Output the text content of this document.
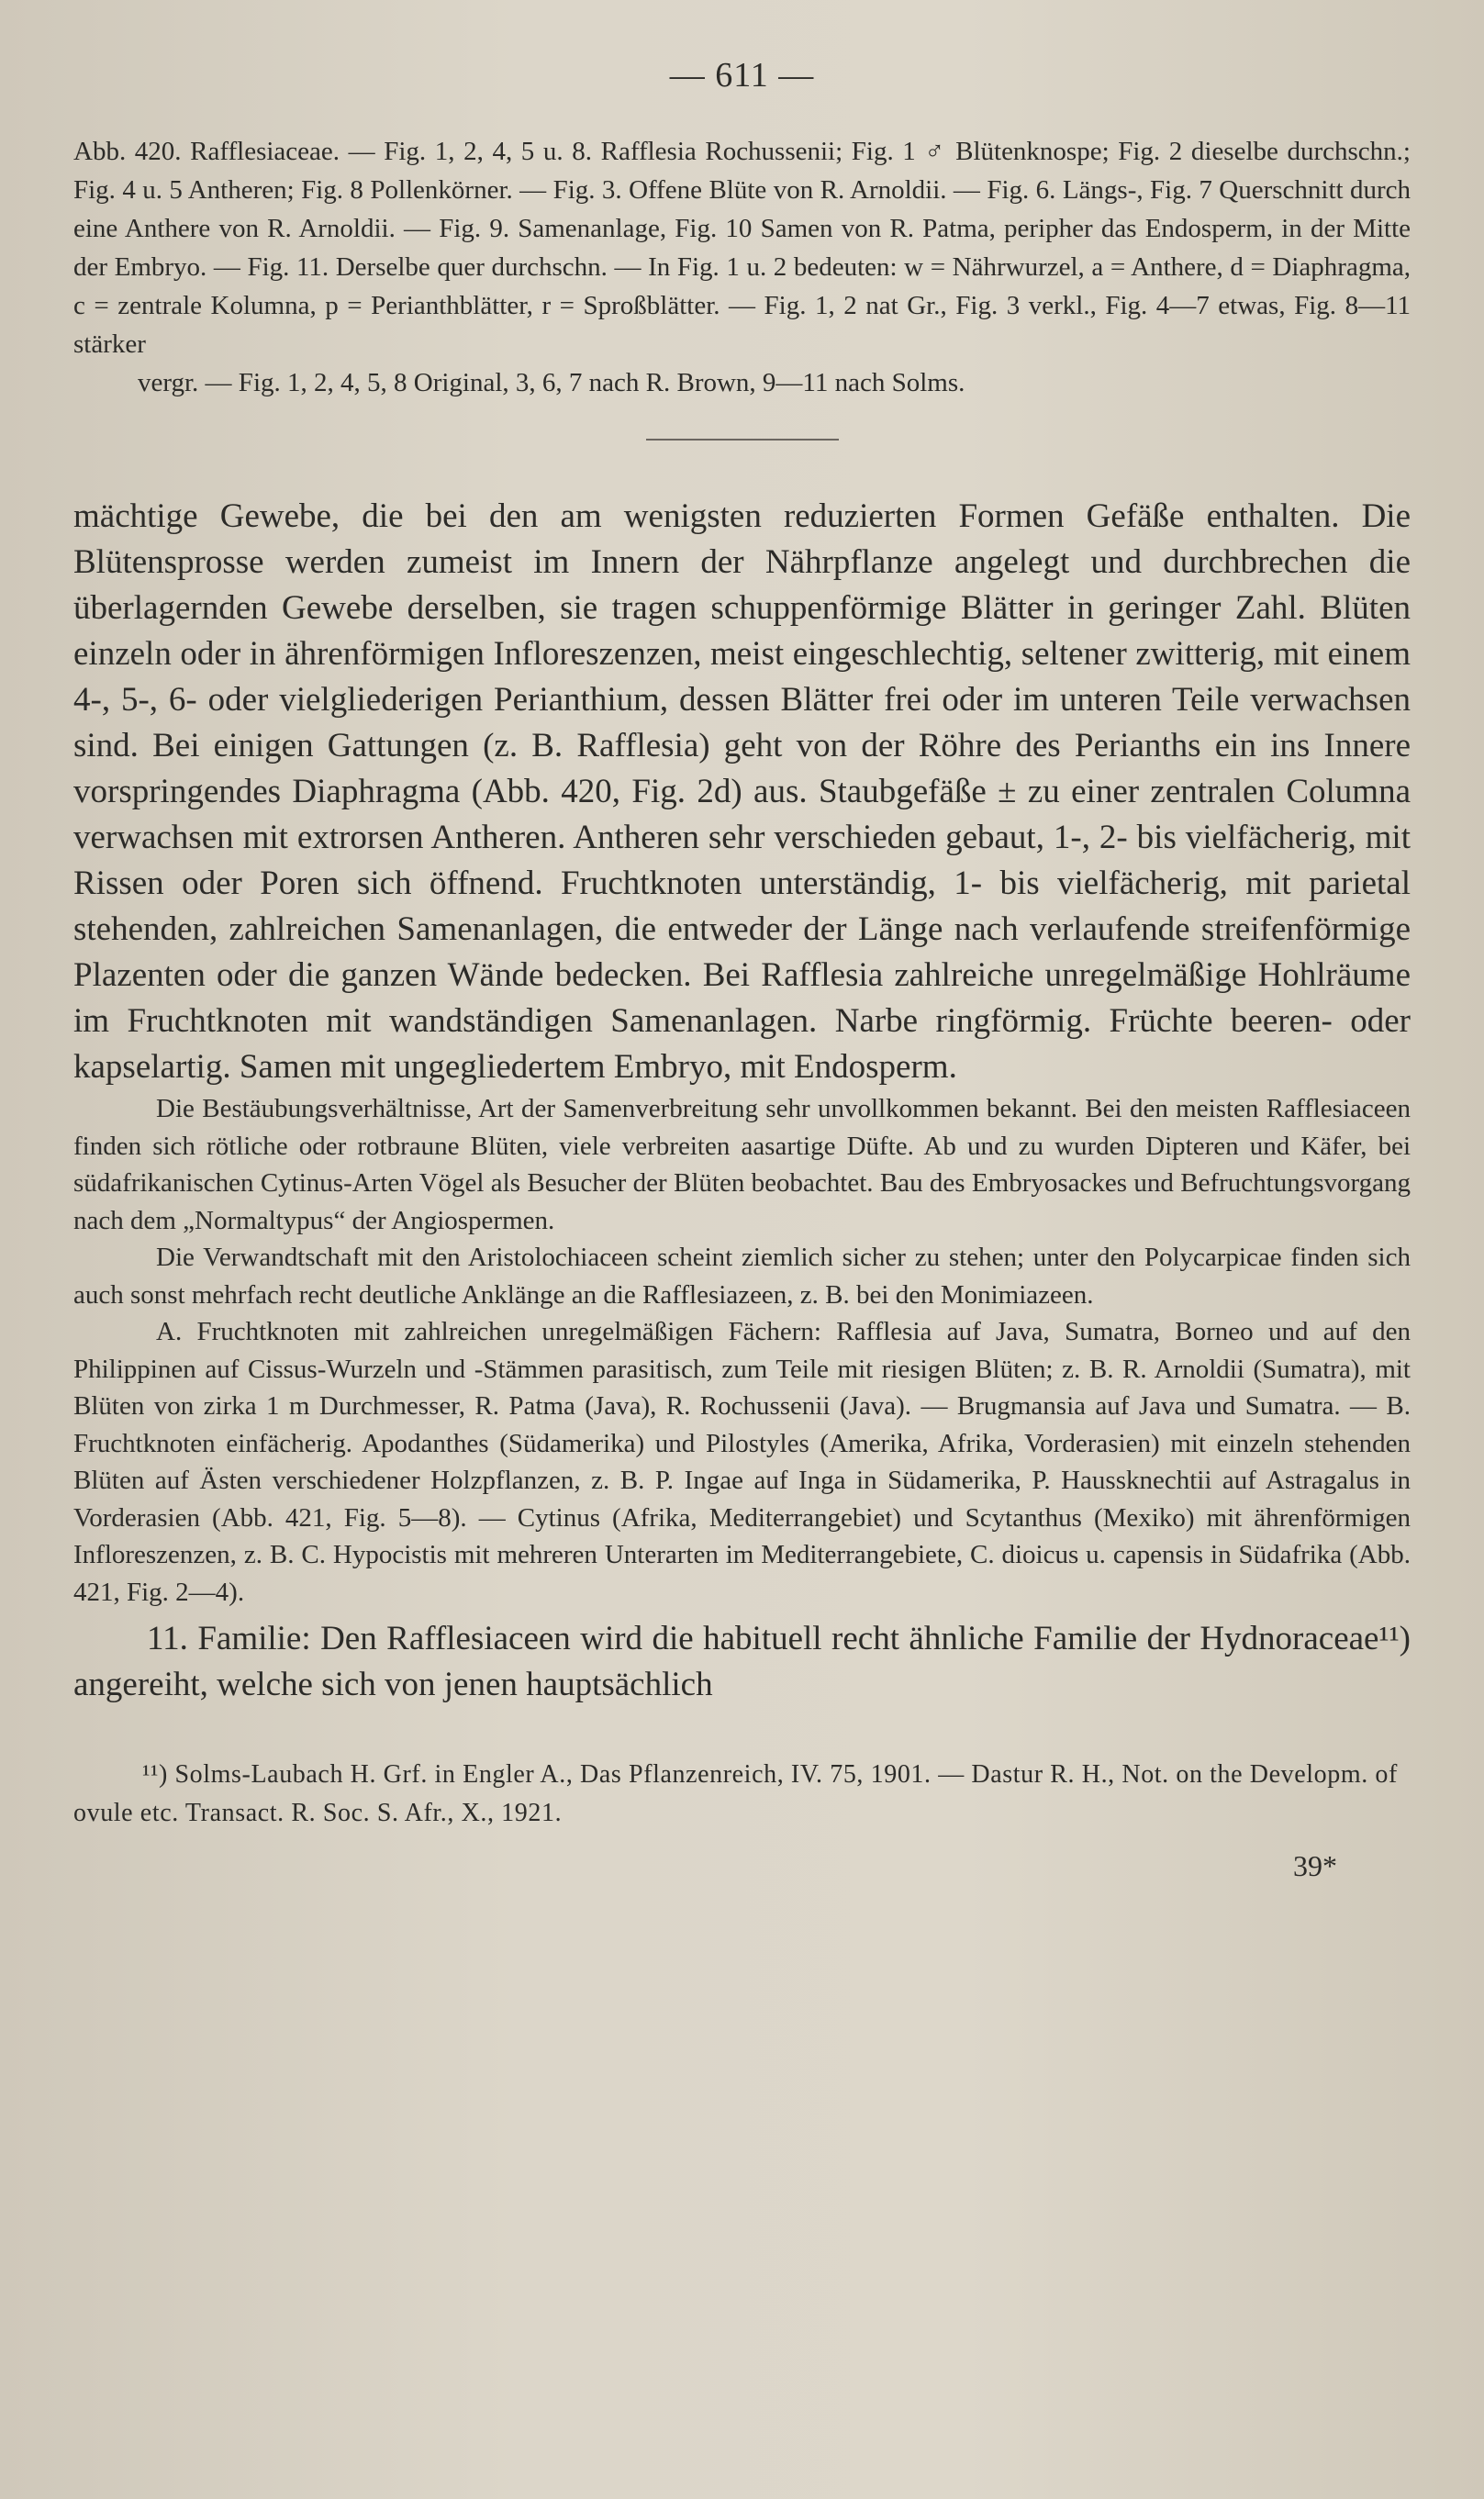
— 611 —

Abb. 420. Rafflesiaceae. — Fig. 1, 2, 4, 5 u. 8. Rafflesia Rochussenii; Fig. 1 ♂ Blütenknospe; Fig. 2 dieselbe durchschn.; Fig. 4 u. 5 Antheren; Fig. 8 Pollenkörner. — Fig. 3. Offene Blüte von R. Arnoldii. — Fig. 6. Längs-, Fig. 7 Querschnitt durch eine Anthere von R. Arnoldii. — Fig. 9. Samenanlage, Fig. 10 Samen von R. Patma, peripher das Endosperm, in der Mitte der Embryo. — Fig. 11. Derselbe quer durchschn. — In Fig. 1 u. 2 bedeuten: w = Nährwurzel, a = Anthere, d = Diaphragma, c = zentrale Kolumna, p = Perianthblätter, r = Sproßblätter. — Fig. 1, 2 nat Gr., Fig. 3 verkl., Fig. 4—7 etwas, Fig. 8—11 stärker

vergr. — Fig. 1, 2, 4, 5, 8 Original, 3, 6, 7 nach R. Brown, 9—11 nach Solms.

mächtige Gewebe, die bei den am wenigsten reduzierten Formen Gefäße enthalten. Die Blütensprosse werden zumeist im Innern der Nährpflanze angelegt und durchbrechen die überlagernden Gewebe derselben, sie tragen schuppenförmige Blätter in geringer Zahl. Blüten einzeln oder in ährenförmigen Infloreszenzen, meist eingeschlechtig, seltener zwitterig, mit einem 4-, 5-, 6- oder vielgliederigen Perianthium, dessen Blätter frei oder im unteren Teile verwachsen sind. Bei einigen Gattungen (z. B. Rafflesia) geht von der Röhre des Perianths ein ins Innere vorspringendes Diaphragma (Abb. 420, Fig. 2d) aus. Staubgefäße ± zu einer zentralen Columna verwachsen mit extrorsen Antheren. Antheren sehr verschieden gebaut, 1-, 2- bis vielfächerig, mit Rissen oder Poren sich öffnend. Fruchtknoten unterständig, 1- bis vielfächerig, mit parietal stehenden, zahlreichen Samenanlagen, die entweder der Länge nach verlaufende streifenförmige Plazenten oder die ganzen Wände bedecken. Bei Rafflesia zahlreiche unregelmäßige Hohlräume im Fruchtknoten mit wandständigen Samenanlagen. Narbe ringförmig. Früchte beeren- oder kapselartig. Samen mit ungegliedertem Embryo, mit Endosperm.

Die Bestäubungsverhältnisse, Art der Samenverbreitung sehr unvollkommen bekannt. Bei den meisten Rafflesiaceen finden sich rötliche oder rotbraune Blüten, viele verbreiten aasartige Düfte. Ab und zu wurden Dipteren und Käfer, bei südafrikanischen Cytinus-Arten Vögel als Besucher der Blüten beobachtet. Bau des Embryosackes und Befruchtungsvorgang nach dem „Normaltypus“ der Angiospermen.

Die Verwandtschaft mit den Aristolochiaceen scheint ziemlich sicher zu stehen; unter den Polycarpicae finden sich auch sonst mehrfach recht deutliche Anklänge an die Rafflesiazeen, z. B. bei den Monimiazeen.

A. Fruchtknoten mit zahlreichen unregelmäßigen Fächern: Rafflesia auf Java, Sumatra, Borneo und auf den Philippinen auf Cissus-Wurzeln und -Stämmen parasitisch, zum Teile mit riesigen Blüten; z. B. R. Arnoldii (Sumatra), mit Blüten von zirka 1 m Durchmesser, R. Patma (Java), R. Rochussenii (Java). — Brugmansia auf Java und Sumatra. — B. Fruchtknoten einfächerig. Apodanthes (Südamerika) und Pilostyles (Amerika, Afrika, Vorderasien) mit einzeln stehenden Blüten auf Ästen verschiedener Holzpflanzen, z. B. P. Ingae auf Inga in Südamerika, P. Haussknechtii auf Astragalus in Vorderasien (Abb. 421, Fig. 5—8). — Cytinus (Afrika, Mediterrangebiet) und Scytanthus (Mexiko) mit ährenförmigen Infloreszenzen, z. B. C. Hypocistis mit mehreren Unterarten im Mediterrangebiete, C. dioicus u. capensis in Südafrika (Abb. 421, Fig. 2—4).

11. Familie: Den Rafflesiaceen wird die habituell recht ähnliche Familie der Hydnoraceae¹¹) angereiht, welche sich von jenen hauptsächlich

¹¹) Solms-Laubach H. Grf. in Engler A., Das Pflanzenreich, IV. 75, 1901. — Dastur R. H., Not. on the Developm. of ovule etc. Transact. R. Soc. S. Afr., X., 1921.

39*
